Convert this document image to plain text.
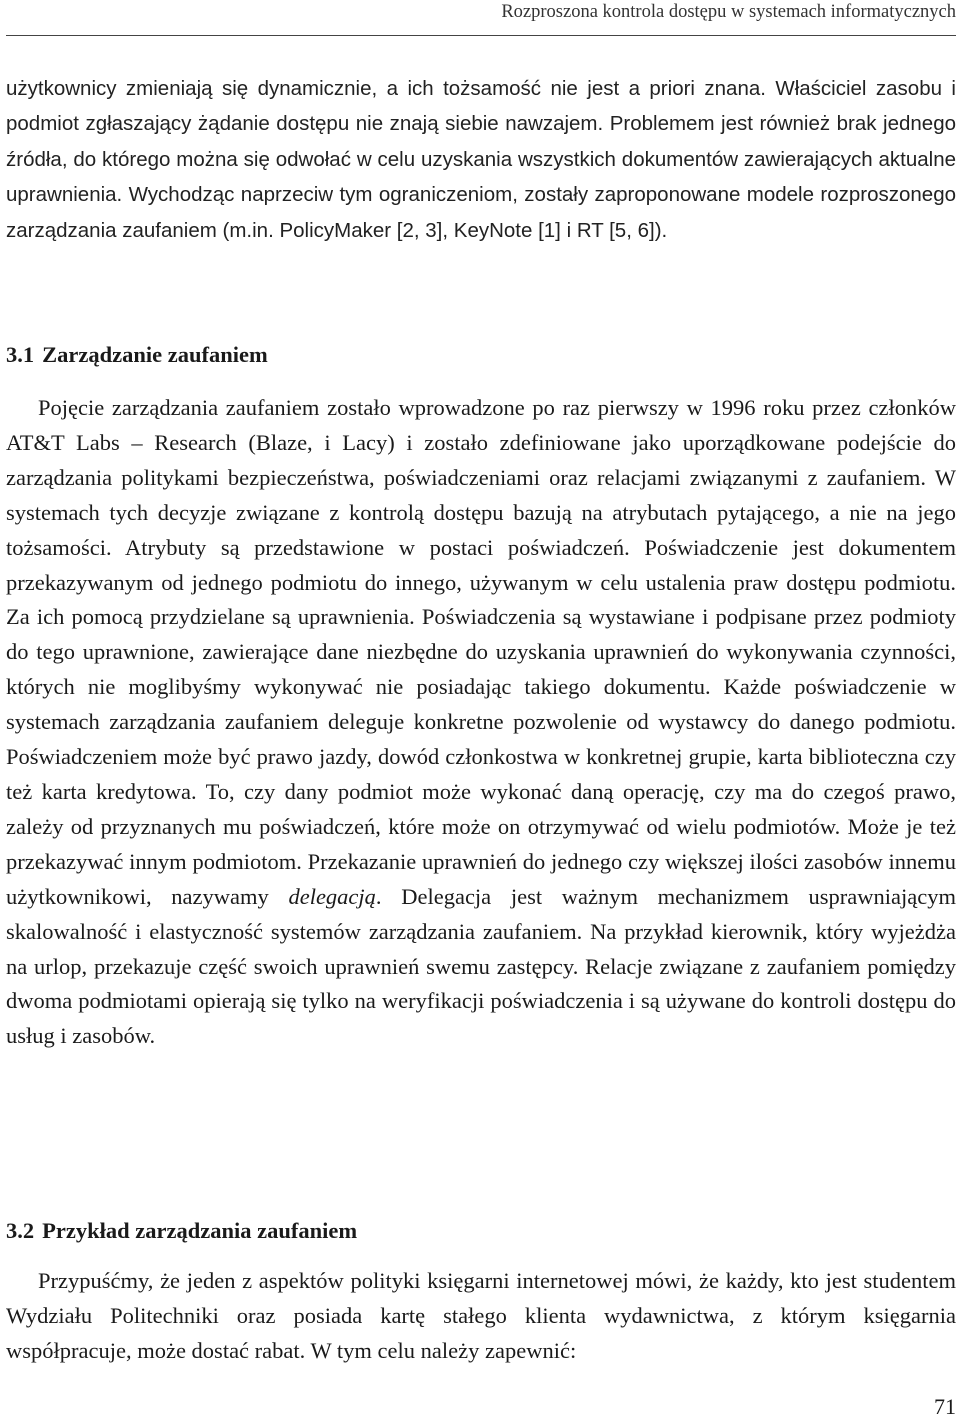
Rozproszona kontrola dostępu w systemach informatycznych

użytkownicy zmieniają się dynamicznie, a ich tożsamość nie jest a priori znana. Właściciel zasobu i podmiot zgłaszający żądanie dostępu nie znają siebie nawzajem. Problemem jest również brak jednego źródła, do którego można się odwołać w celu uzyskania wszystkich dokumentów zawierających aktualne uprawnienia. Wychodząc naprzeciw tym ograniczeniom, zostały zaproponowane modele rozproszonego zarządzania zaufaniem (m.in. PolicyMaker [2, 3], KeyNote [1] i RT [5, 6]).

3.1 Zarządzanie zaufaniem

Pojęcie zarządzania zaufaniem zostało wprowadzone po raz pierwszy w 1996 roku przez członków AT&T Labs – Research (Blaze, i Lacy) i zostało zdefiniowane jako uporządkowane podejście do zarządzania politykami bezpieczeństwa, poświadczeniami oraz relacjami związanymi z zaufaniem. W systemach tych decyzje związane z kontrolą dostępu bazują na atrybutach pytającego, a nie na jego tożsamości. Atrybuty są przedstawione w postaci poświadczeń. Poświadczenie jest dokumentem przekazywanym od jednego podmiotu do innego, używanym w celu ustalenia praw dostępu podmiotu. Za ich pomocą przydzielane są uprawnienia. Poświadczenia są wystawiane i podpisane przez podmioty do tego uprawnione, zawierające dane niezbędne do uzyskania uprawnień do wykonywania czynności, których nie moglibyśmy wykonywać nie posiadając takiego dokumentu. Każde poświadczenie w systemach zarządzania zaufaniem deleguje konkretne pozwolenie od wystawcy do danego podmiotu. Poświadczeniem może być prawo jazdy, dowód członkostwa w konkretnej grupie, karta biblioteczna czy też karta kredytowa. To, czy dany podmiot może wykonać daną operację, czy ma do czegoś prawo, zależy od przyznanych mu poświadczeń, które może on otrzymywać od wielu podmiotów. Może je też przekazywać innym podmiotom. Przekazanie uprawnień do jednego czy większej ilości zasobów innemu użytkownikowi, nazywamy delegacją. Delegacja jest ważnym mechanizmem usprawniającym skalowalność i elastyczność systemów zarządzania zaufaniem. Na przykład kierownik, który wyjeżdża na urlop, przekazuje część swoich uprawnień swemu zastępcy. Relacje związane z zaufaniem pomiędzy dwoma podmiotami opierają się tylko na weryfikacji poświadczenia i są używane do kontroli dostępu do usług i zasobów.

3.2 Przykład zarządzania zaufaniem

Przypuśćmy, że jeden z aspektów polityki księgarni internetowej mówi, że każdy, kto jest studentem Wydziału Politechniki oraz posiada kartę stałego klienta wydawnictwa, z którym księgarnia współpracuje, może dostać rabat. W tym celu należy zapewnić:

71
